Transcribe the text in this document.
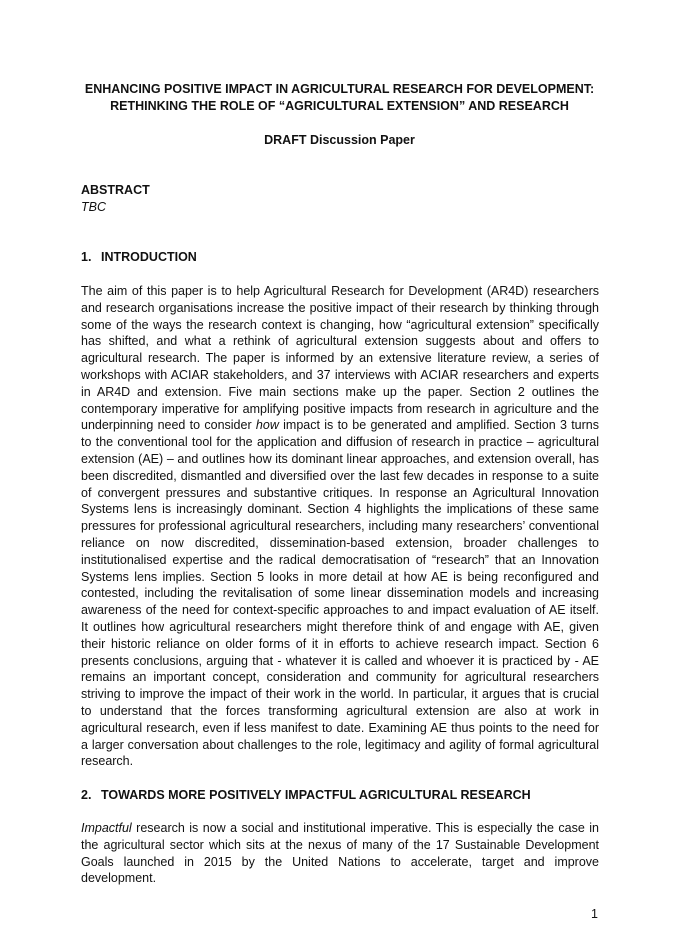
ENHANCING POSITIVE IMPACT IN AGRICULTURAL RESEARCH FOR DEVELOPMENT:
RETHINKING THE ROLE OF “AGRICULTURAL EXTENSION” AND RESEARCH
DRAFT Discussion Paper
ABSTRACT
TBC
1. INTRODUCTION
The aim of this paper is to help Agricultural Research for Development (AR4D) researchers and research organisations increase the positive impact of their research by thinking through some of the ways the research context is changing, how “agricultural extension” specifically has shifted, and what a rethink of agricultural extension suggests about and offers to agricultural research. The paper is informed by an extensive literature review, a series of workshops with ACIAR stakeholders, and 37 interviews with ACIAR researchers and experts in AR4D and extension. Five main sections make up the paper. Section 2 outlines the contemporary imperative for amplifying positive impacts from research in agriculture and the underpinning need to consider how impact is to be generated and amplified. Section 3 turns to the conventional tool for the application and diffusion of research in practice – agricultural extension (AE) – and outlines how its dominant linear approaches, and extension overall, has been discredited, dismantled and diversified over the last few decades in response to a suite of convergent pressures and substantive critiques. In response an Agricultural Innovation Systems lens is increasingly dominant. Section 4 highlights the implications of these same pressures for professional agricultural researchers, including many researchers’ conventional reliance on now discredited, dissemination-based extension, broader challenges to institutionalised expertise and the radical democratisation of “research” that an Innovation Systems lens implies. Section 5 looks in more detail at how AE is being reconfigured and contested, including the revitalisation of some linear dissemination models and increasing awareness of the need for context-specific approaches to and impact evaluation of AE itself. It outlines how agricultural researchers might therefore think of and engage with AE, given their historic reliance on older forms of it in efforts to achieve research impact. Section 6 presents conclusions, arguing that - whatever it is called and whoever it is practiced by - AE remains an important concept, consideration and community for agricultural researchers striving to improve the impact of their work in the world. In particular, it argues that is crucial to understand that the forces transforming agricultural extension are also at work in agricultural research, even if less manifest to date. Examining AE thus points to the need for a larger conversation about challenges to the role, legitimacy and agility of formal agricultural research.
2. TOWARDS MORE POSITIVELY IMPACTFUL AGRICULTURAL RESEARCH
Impactful research is now a social and institutional imperative. This is especially the case in the agricultural sector which sits at the nexus of many of the 17 Sustainable Development Goals launched in 2015 by the United Nations to accelerate, target and improve development.
1
